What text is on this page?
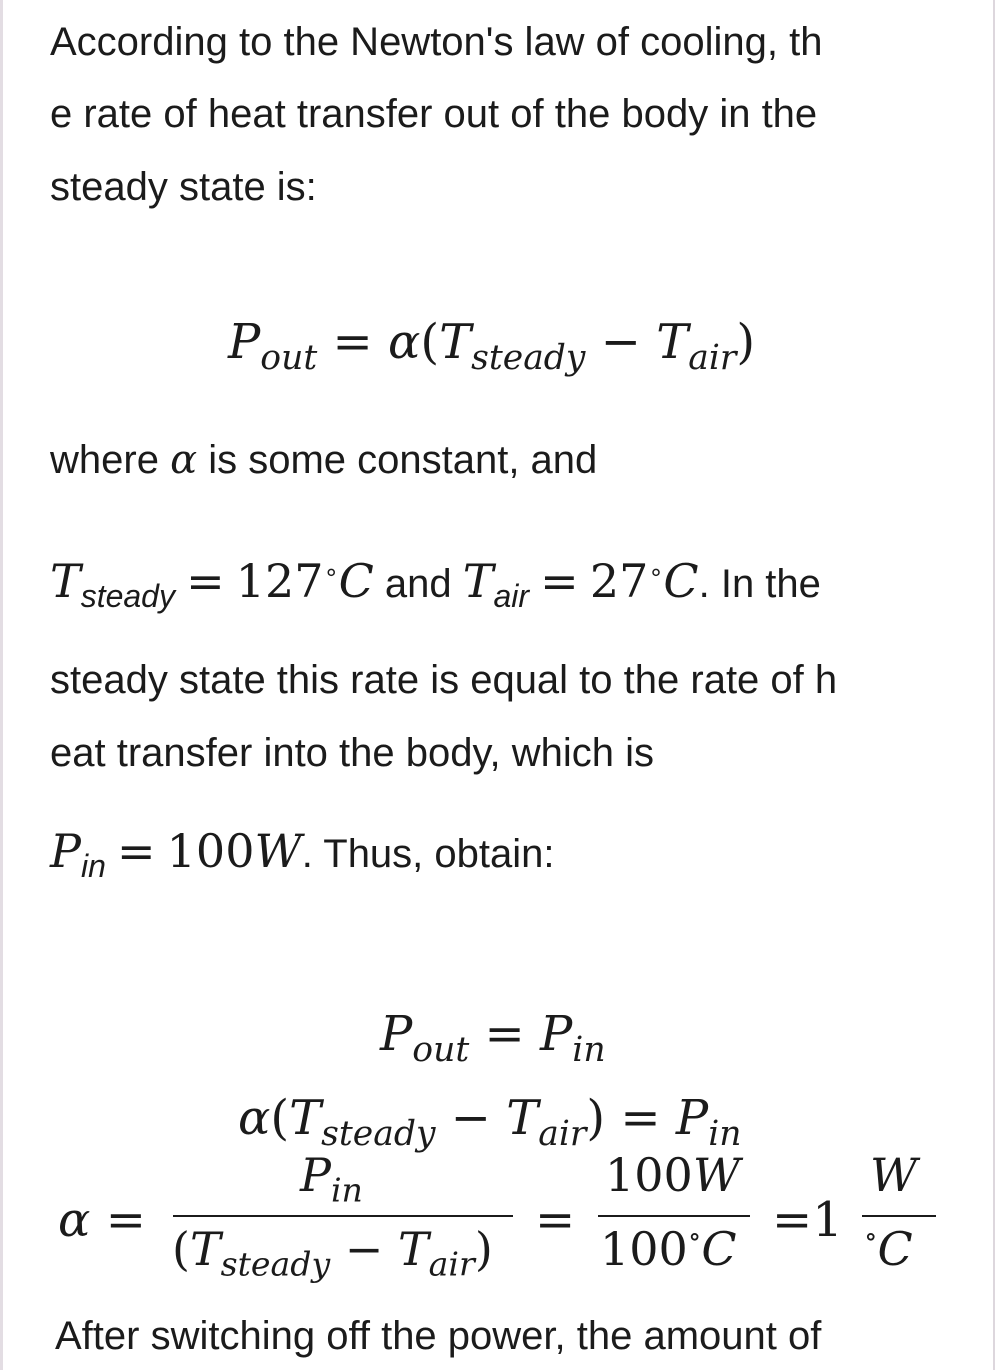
According to the Newton's law of cooling, th
e rate of heat transfer out of the body in the
steady state is:
$P_{out} = \alpha(T_{steady} - T_{air})$
where α is some constant, and
$T_{steady} = 127^\circ C$ and $T_{air} = 27^\circ C$. In the
steady state this rate is equal to the rate of h
eat transfer into the body, which is
$P_{in} = 100W$. Thus, obtain:
$P_{out} = P_{in}$
$\alpha(T_{steady} - T_{air}) = P_{in}$
α =
$P_{in}$
$(T_{steady} - T_{air})$
=
100W
100∘C
=1
W
∘C
After switching off the power, the amount of
